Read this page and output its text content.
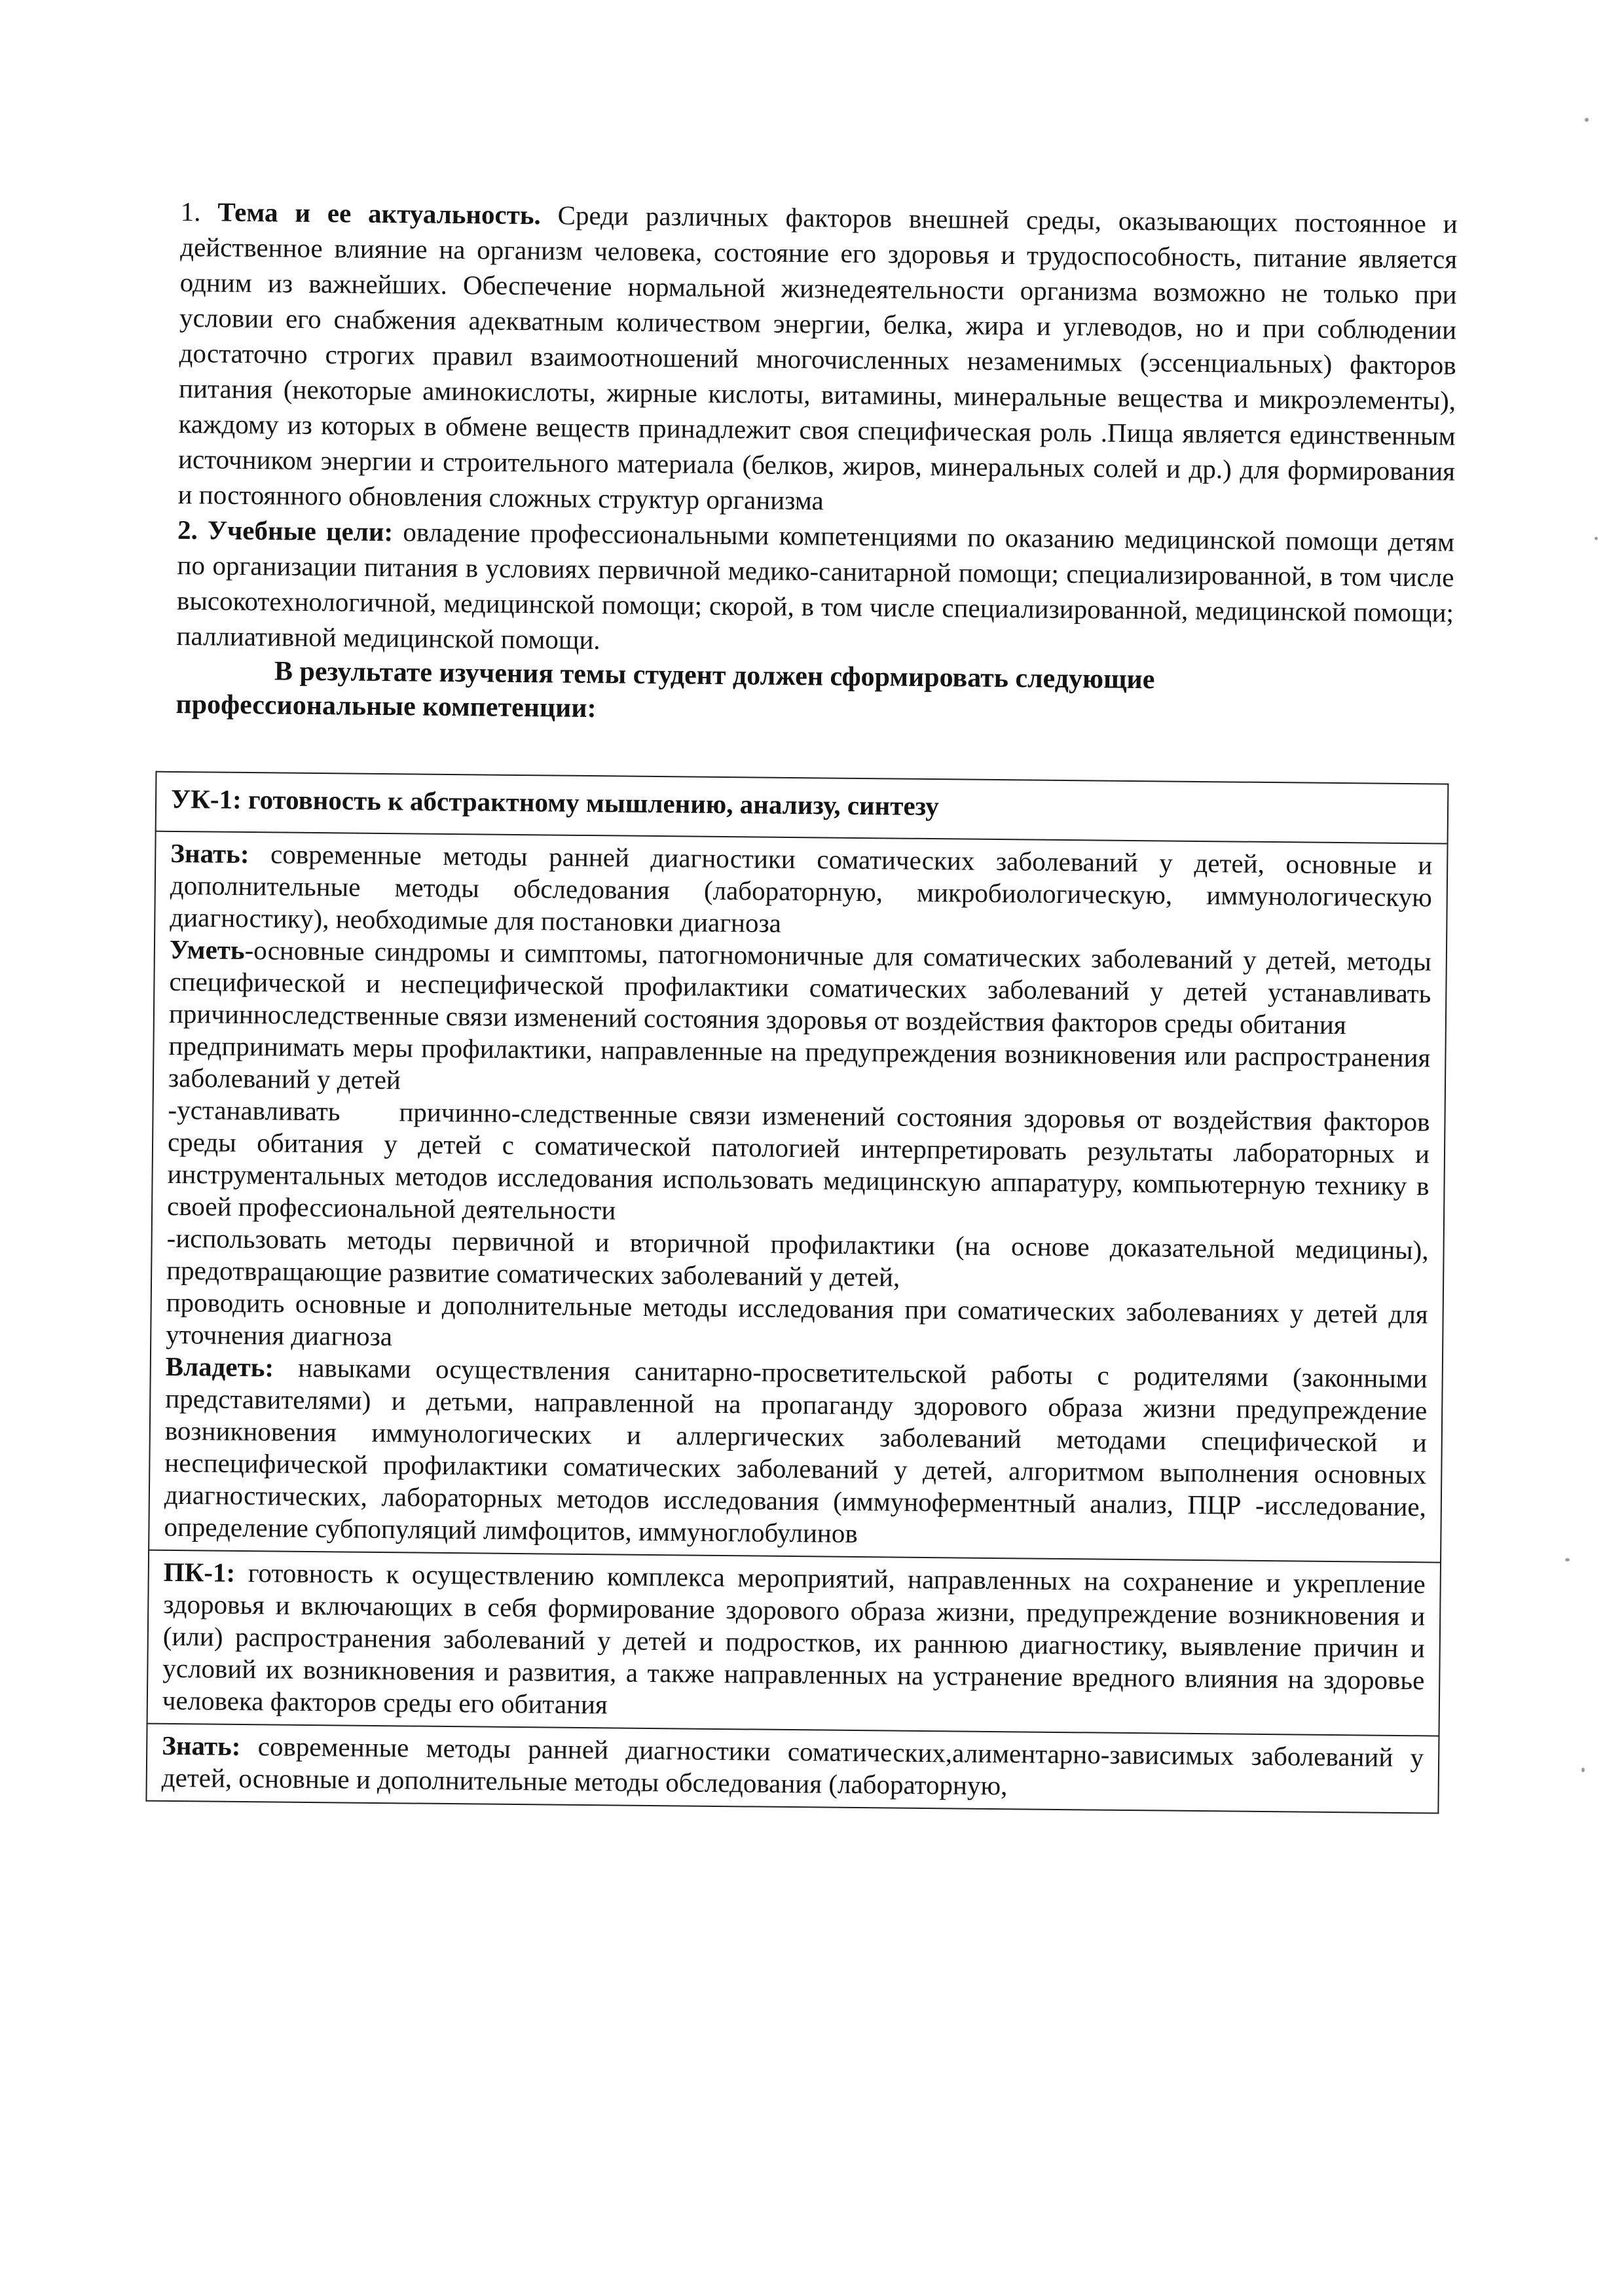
1. Тема и ее актуальность. Среди различных факторов внешней среды, оказывающих постоянное и действенное влияние на организм человека, состояние его здоровья и трудоспособность, питание является одним из важнейших. Обеспечение нормальной жизнедеятельности организма возможно не только при условии его снабжения адекватным количеством энергии, белка, жира и углеводов, но и при соблюдении достаточно строгих правил взаимоотношений многочисленных незаменимых (эссенциальных) факторов питания (некоторые аминокислоты, жирные кислоты, витамины, минеральные вещества и микроэлементы), каждому из которых в обмене веществ принадлежит своя специфическая роль .Пища является единственным источником энергии и строительного материала (белков, жиров, минеральных солей и др.) для формирования и постоянного обновления сложных структур организма

2. Учебные цели: овладение профессиональными компетенциями по оказанию медицинской помощи детям по организации питания в условиях первичной медико-санитарной помощи; специализированной, в том числе высокотехнологичной, медицинской помощи; скорой, в том числе специализированной, медицинской помощи; паллиативной медицинской помощи.

В результате изучения темы студент должен сформировать следующие профессиональные компетенции:

УК-1: готовность к абстрактному мышлению, анализу, синтезу

Знать: современные методы ранней диагностики соматических заболеваний у детей, основные и дополнительные методы обследования (лабораторную, микробиологическую, иммунологическую диагностику), необходимые для постановки диагноза

Уметь-основные синдромы и симптомы, патогномоничные для соматических заболеваний у детей, методы специфической и неспецифической профилактики соматических заболеваний у детей устанавливать причинноследственные связи изменений состояния здоровья от воздействия факторов среды обитания

предпринимать меры профилактики, направленные на предупреждения возникновения или распространения заболеваний у детей

-устанавливать причинно-следственные связи изменений состояния здоровья от воздействия факторов среды обитания у детей с соматической патологией интерпретировать результаты лабораторных и инструментальных методов исследования использовать медицинскую аппаратуру, компьютерную технику в своей профессиональной деятельности

-использовать методы первичной и вторичной профилактики (на основе доказательной медицины), предотвращающие развитие соматических заболеваний у детей,

проводить основные и дополнительные методы исследования при соматических заболеваниях у детей для уточнения диагноза

Владеть: навыками осуществления санитарно-просветительской работы с родителями (законными представителями) и детьми, направленной на пропаганду здорового образа жизни предупреждение возникновения иммунологических и аллергических заболеваний методами специфической и неспецифической профилактики соматических заболеваний у детей, алгоритмом выполнения основных диагностических, лабораторных методов исследования (иммуноферментный анализ, ПЦР -исследование, определение субпопуляций лимфоцитов, иммуноглобулинов

ПК-1: готовность к осуществлению комплекса мероприятий, направленных на сохранение и укрепление здоровья и включающих в себя формирование здорового образа жизни, предупреждение возникновения и (или) распространения заболеваний у детей и подростков, их раннюю диагностику, выявление причин и условий их возникновения и развития, а также направленных на устранение вредного влияния на здоровье человека факторов среды его обитания

Знать: современные методы ранней диагностики соматических,алиментарно-зависимых заболеваний у детей, основные и дополнительные методы обследования (лабораторную,
